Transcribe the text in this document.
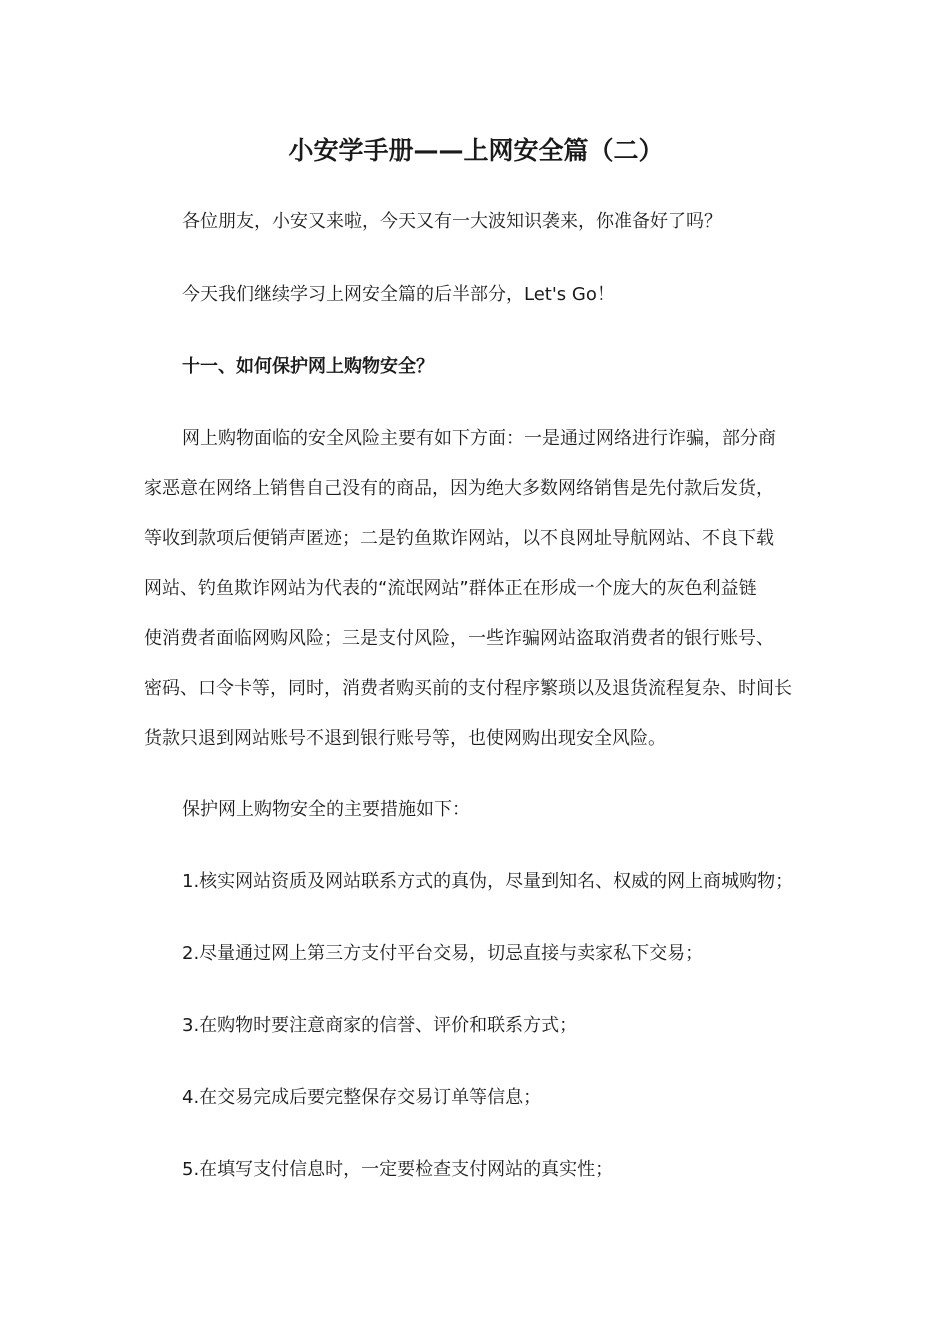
小安学手册——上网安全篇（二）

各位朋友，小安又来啦，今天又有一大波知识袭来，你准备好了吗？

今天我们继续学习上网安全篇的后半部分，Let's Go！

十一、如何保护网上购物安全？

网上购物面临的安全风险主要有如下方面：一是通过网络进行诈骗，部分商
家恶意在网络上销售自己没有的商品，因为绝大多数网络销售是先付款后发货，
等收到款项后便销声匿迹；二是钓鱼欺诈网站，以不良网址导航网站、不良下载
网站、钓鱼欺诈网站为代表的“流氓网站”群体正在形成一个庞大的灰色利益链
使消费者面临网购风险；三是支付风险，一些诈骗网站盗取消费者的银行账号、
密码、口令卡等，同时，消费者购买前的支付程序繁琐以及退货流程复杂、时间长
货款只退到网站账号不退到银行账号等，也使网购出现安全风险。

保护网上购物安全的主要措施如下：

1.核实网站资质及网站联系方式的真伪，尽量到知名、权威的网上商城购物；

2.尽量通过网上第三方支付平台交易，切忌直接与卖家私下交易；

3.在购物时要注意商家的信誉、评价和联系方式；

4.在交易完成后要完整保存交易订单等信息；

5.在填写支付信息时，一定要检查支付网站的真实性；
